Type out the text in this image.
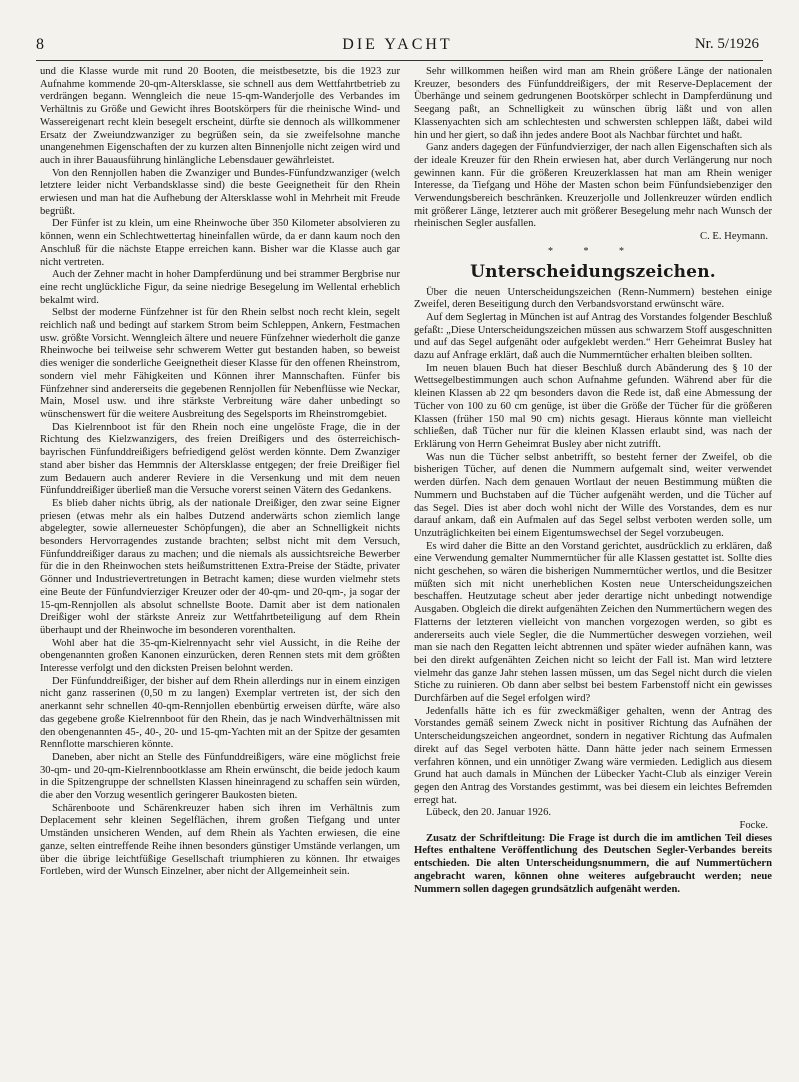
8	DIE YACHT	Nr. 5/1926

und die Klasse wurde mit rund 20 Booten, die meistbesetzte, bis die 1923 zur Aufnahme kommende 20-qm-Altersklasse, sie schnell aus dem Wettfahrtbetrieb zu verdrängen begann. Wenngleich die neue 15-qm-Wanderjolle des Verbandes im Verhältnis zu Größe und Gewicht ihres Bootskörpers für die rheinische Wind- und Wassereigenart recht klein besegelt erscheint, dürfte sie dennoch als willkommener Ersatz der Zweiundzwanziger zu begrüßen sein, da sie zweifelsohne manche unangenehmen Eigenschaften der zu kurzen alten Binnenjolle nicht zeigen wird und auch in ihrer Bauausführung hinlängliche Lebensdauer gewährleistet.

Von den Rennjollen haben die Zwanziger und Bundes-Fünfundzwanziger (welch letztere leider nicht Verbandsklasse sind) die beste Geeignetheit für den Rhein erwiesen und man hat die Aufhebung der Altersklasse wohl in Mehrheit mit Freude begrüßt.

Der Fünfer ist zu klein, um eine Rheinwoche über 350 Kilometer absolvieren zu können, wenn ein Schlechtwettertag hineinfallen würde, da er dann kaum noch den Anschluß für die nächste Etappe erreichen kann. Bisher war die Klasse auch gar nicht vertreten.

Auch der Zehner macht in hoher Dampferdünung und bei strammer Bergbrise nur eine recht unglückliche Figur, da seine niedrige Besegelung im Wellental erheblich bekalmt wird.

Selbst der moderne Fünfzehner ist für den Rhein selbst noch recht klein, segelt reichlich naß und bedingt auf starkem Strom beim Schleppen, Ankern, Festmachen usw. größte Vorsicht. Wenngleich ältere und neuere Fünfzehner wiederholt die ganze Rheinwoche bei teilweise sehr schwerem Wetter gut bestanden haben, so beweist dies weniger die sonderliche Geeignetheit dieser Klasse für den offenen Rheinstrom, sondern viel mehr Fähigkeiten und Können ihrer Mannschaften. Fünfer bis Fünfzehner sind andererseits die gegebenen Rennjollen für Nebenflüsse wie Neckar, Main, Mosel usw. und ihre stärkste Verbreitung wäre daher unbedingt so wünschenswert für die weitere Ausbreitung des Segelsports im Rheinstromgebiet.

Das Kielrennboot ist für den Rhein noch eine ungelöste Frage, die in der Richtung des Kielzwanzigers, des freien Dreißigers und des österreichisch-bayrischen Fünfunddreißigers befriedigend gelöst werden könnte. Dem Zwanziger stand aber bisher das Hemmnis der Altersklasse entgegen; der freie Dreißiger fiel zum Bedauern auch anderer Reviere in die Versenkung und mit dem neuen Fünfunddreißiger überließ man die Versuche vorerst seinen Vätern des Gedankens.

Es blieb daher nichts übrig, als der nationale Dreißiger, den zwar seine Eigner priesen (etwas mehr als ein halbes Dutzend anderwärts schon ziemlich lange abgelegter, sowie allerneuester Schöpfungen), die aber an Schnelligkeit nichts besonders Hervorragendes zustande brachten; selbst nicht mit dem Versuch, Fünfunddreißiger daraus zu machen; und die niemals als aussichtsreiche Bewerber für die in den Rheinwochen stets heißumstrittenen Extra-Preise der Städte, privater Gönner und Industrievertretungen in Betracht kamen; diese wurden vielmehr stets eine Beute der Fünfundvierziger Kreuzer oder der 40-qm- und 20-qm-, ja sogar der 15-qm-Rennjollen als absolut schnellste Boote. Damit aber ist dem nationalen Dreißiger wohl der stärkste Anreiz zur Wettfahrtbeteiligung auf dem Rhein überhaupt und der Rheinwoche im besonderen vorenthalten.

Wohl aber hat die 35-qm-Kielrennyacht sehr viel Aussicht, in die Reihe der obengenannten großen Kanonen einzurücken, deren Rennen stets mit dem größten Interesse verfolgt und den dicksten Preisen belohnt werden.

Der Fünfunddreißiger, der bisher auf dem Rhein allerdings nur in einem einzigen nicht ganz rasserinen (0,50 m zu langen) Exemplar vertreten ist, der sich den anerkannt sehr schnellen 40-qm-Rennjollen ebenbürtig erweisen dürfte, wäre also das gegebene große Kielrennboot für den Rhein, das je nach Windverhältnissen mit den obengenannten 45-, 40-, 20- und 15-qm-Yachten mit an der Spitze der gesamten Rennflotte marschieren könnte.

Daneben, aber nicht an Stelle des Fünfunddreißigers, wäre eine möglichst freie 30-qm- und 20-qm-Kielrennbootklasse am Rhein erwünscht, die beide jedoch kaum in die Spitzengruppe der schnellsten Klassen hineinragend zu schaffen sein würden, die aber den Vorzug wesentlich geringerer Baukosten bieten.

Schärenboote und Schärenkreuzer haben sich ihren im Verhältnis zum Deplacement sehr kleinen Segelflächen, ihrem großen Tiefgang und unter Umständen unsicheren Wenden, auf dem Rhein als Yachten erwiesen, die eine ganze, selten eintreffende Reihe ihnen besonders günstiger Umstände verlangen, um über die übrige leichtfüßige Gesellschaft triumphieren zu können. Ihr etwaiges Fortleben, wird der Wunsch Einzelner, aber nicht der Allgemeinheit sein.

Sehr willkommen heißen wird man am Rhein größere Länge der nationalen Kreuzer, besonders des Fünfunddreißigers, der mit Reserve-Deplacement der Überhänge und seinem gedrungenen Bootskörper schlecht in Dampferdünung und Seegang paßt, an Schnelligkeit zu wünschen übrig läßt und von allen Klassenyachten sich am schlechtesten und schwersten schleppen läßt, dabei wild hin und her giert, so daß ihn jedes andere Boot als Nachbar fürchtet und haßt.

Ganz anders dagegen der Fünfundvierziger, der nach allen Eigenschaften sich als der ideale Kreuzer für den Rhein erwiesen hat, aber durch Verlängerung nur noch gewinnen kann. Für die größeren Kreuzerklassen hat man am Rhein weniger Interesse, da Tiefgang und Höhe der Masten schon beim Fünfundsiebenziger den Verwendungsbereich beschränken. Kreuzerjolle und Jollenkreuzer würden endlich mit größerer Länge, letzterer auch mit größerer Besegelung mehr nach Wunsch der rheinischen Segler ausfallen.

C. E. Heymann.

* * *
Unterscheidungszeichen.

Über die neuen Unterscheidungszeichen (Renn-Nummern) bestehen einige Zweifel, deren Beseitigung durch den Verbandsvorstand erwünscht wäre.

Auf dem Seglertag in München ist auf Antrag des Vorstandes folgender Beschluß gefaßt: „Diese Unterscheidungszeichen müssen aus schwarzem Stoff ausgeschnitten und auf das Segel aufgenäht oder aufgeklebt werden.“ Herr Geheimrat Busley hat dazu auf Anfrage erklärt, daß auch die Nummerntücher erhalten bleiben sollten.

Im neuen blauen Buch hat dieser Beschluß durch Abänderung des § 10 der Wettsegelbestimmungen auch schon Aufnahme gefunden. Während aber für die kleinen Klassen ab 22 qm besonders davon die Rede ist, daß eine Abmessung der Tücher von 100 zu 60 cm genüge, ist über die Größe der Tücher für die größeren Klassen (früher 150 mal 90 cm) nichts gesagt. Hieraus könnte man vielleicht schließen, daß Tücher nur für die kleinen Klassen erlaubt sind, was nach der Erklärung von Herrn Geheimrat Busley aber nicht zutrifft.

Was nun die Tücher selbst anbetrifft, so besteht ferner der Zweifel, ob die bisherigen Tücher, auf denen die Nummern aufgemalt sind, weiter verwendet werden dürfen. Nach dem genauen Wortlaut der neuen Bestimmung müßten die Nummern und Buchstaben auf die Tücher aufgenäht werden, und die Tücher auf das Segel. Dies ist aber doch wohl nicht der Wille des Vorstandes, dem es nur darauf ankam, daß ein Aufmalen auf das Segel selbst verboten werden solle, um Unzuträglichkeiten bei einem Eigentumswechsel der Segel vorzubeugen.

Es wird daher die Bitte an den Vorstand gerichtet, ausdrücklich zu erklären, daß eine Verwendung gemalter Nummerntücher für alle Klassen gestattet ist. Sollte dies nicht geschehen, so wären die bisherigen Nummerntücher wertlos, und die Besitzer müßten sich mit nicht unerheblichen Kosten neue Unterscheidungszeichen beschaffen. Heutzutage scheut aber jeder derartige nicht unbedingt notwendige Ausgaben. Obgleich die direkt aufgenähten Zeichen den Nummertüchern wegen des Flatterns der letzteren vielleicht von manchen vorgezogen werden, so gibt es andererseits auch viele Segler, die die Nummertücher deswegen vorziehen, weil man sie nach den Regatten leicht abtrennen und später wieder aufnähen kann, was bei den direkt aufgenähten Zeichen nicht so leicht der Fall ist. Man wird letztere vielmehr das ganze Jahr stehen lassen müssen, um das Segel nicht durch die vielen Stiche zu ruinieren. Ob dann aber selbst bei bestem Farbenstoff nicht ein gewisses Durchfärben auf die Segel erfolgen wird?

Jedenfalls hätte ich es für zweckmäßiger gehalten, wenn der Antrag des Vorstandes gemäß seinem Zweck nicht in positiver Richtung das Aufnähen der Unterscheidungszeichen angeordnet, sondern in negativer Richtung das Aufmalen direkt auf das Segel verboten hätte. Dann hätte jeder nach seinem Ermessen verfahren können, und ein unnötiger Zwang wäre vermieden. Lediglich aus diesem Grund hat auch damals in München der Lübecker Yacht-Club als einziger Verein gegen den Antrag des Vorstandes gestimmt, was bei diesem ein leichtes Befremden erregt hat.

Lübeck, den 20. Januar 1926.

Focke.

Zusatz der Schriftleitung: Die Frage ist durch die im amtlichen Teil dieses Heftes enthaltene Veröffentlichung des Deutschen Segler-Verbandes bereits entschieden. Die alten Unterscheidungsnummern, die auf Nummertüchern angebracht waren, können ohne weiteres aufgebraucht werden; neue Nummern sollen dagegen grundsätzlich aufgenäht werden.
